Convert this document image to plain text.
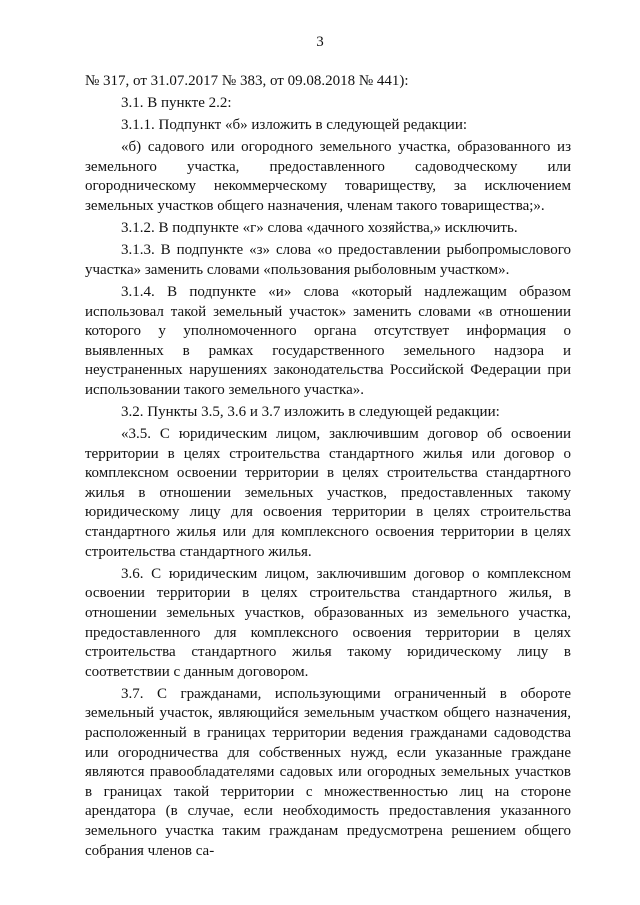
3

№ 317, от 31.07.2017 № 383, от 09.08.2018 № 441):

3.1. В пункте 2.2:

3.1.1. Подпункт «б» изложить в следующей редакции:

«б) садового или огородного земельного участка, образованного из земельного участка, предоставленного садоводческому или огородническому некоммерческому товариществу, за исключением земельных участков общего назначения, членам такого товарищества;».

3.1.2. В подпункте «г» слова «дачного хозяйства,» исключить.

3.1.3. В подпункте «з» слова «о предоставлении рыбопромыслового участка» заменить словами «пользования рыболовным участком».

3.1.4. В подпункте «и» слова «который надлежащим образом использовал такой земельный участок» заменить словами «в отношении которого у уполномоченного органа отсутствует информация о выявленных в рамках государственного земельного надзора и неустраненных нарушениях законодательства Российской Федерации при использовании такого земельного участка».

3.2. Пункты 3.5, 3.6 и 3.7 изложить в следующей редакции:

«3.5. С юридическим лицом, заключившим договор об освоении территории в целях строительства стандартного жилья или договор о комплексном освоении территории в целях строительства стандартного жилья в отношении земельных участков, предоставленных такому юридическому лицу для освоения территории в целях строительства стандартного жилья или для комплексного освоения территории в целях строительства стандартного жилья.

3.6. С юридическим лицом, заключившим договор о комплексном освоении территории в целях строительства стандартного жилья, в отношении земельных участков, образованных из земельного участка, предоставленного для комплексного освоения территории в целях строительства стандартного жилья такому юридическому лицу в соответствии с данным договором.

3.7. С гражданами, использующими ограниченный в обороте земельный участок, являющийся земельным участком общего назначения, расположенный в границах территории ведения гражданами садоводства или огородничества для собственных нужд, если указанные граждане являются правообладателями садовых или огородных земельных участков в границах такой территории с множественностью лиц на стороне арендатора (в случае, если необходимость предоставления указанного земельного участка таким гражданам предусмотрена решением общего собрания членов са-
